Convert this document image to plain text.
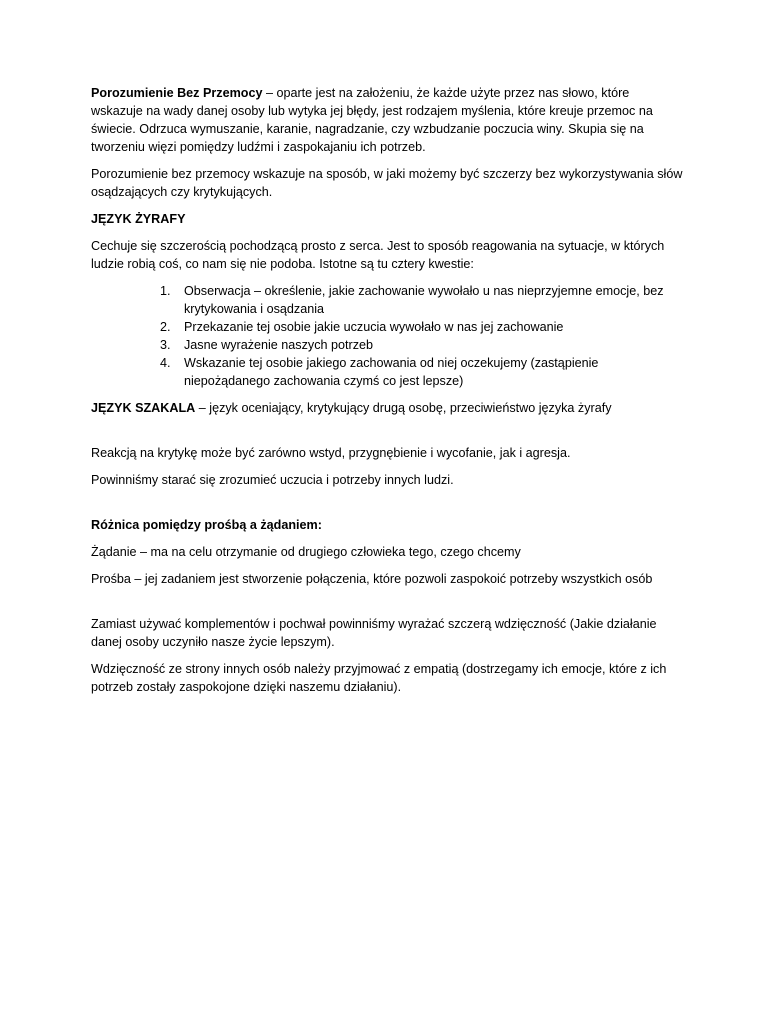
Porozumienie Bez Przemocy – oparte jest na założeniu, że każde użyte przez nas słowo, które wskazuje na wady danej osoby lub wytyka jej błędy, jest rodzajem myślenia, które kreuje przemoc na świecie. Odrzuca wymuszanie, karanie, nagradzanie, czy wzbudzanie poczucia winy. Skupia się na tworzeniu więzi pomiędzy ludźmi i zaspokajaniu ich potrzeb.

Porozumienie bez przemocy wskazuje na sposób, w jaki możemy być szczerzy bez wykorzystywania słów osądzających czy krytykujących.

JĘZYK ŻYRAFY

Cechuje się szczerością pochodzącą prosto z serca. Jest to sposób reagowania na sytuacje, w których ludzie robią coś, co nam się nie podoba. Istotne są tu cztery kwestie:

1. Obserwacja – określenie, jakie zachowanie wywołało u nas nieprzyjemne emocje, bez krytykowania i osądzania
2. Przekazanie tej osobie jakie uczucia wywołało w nas jej zachowanie
3. Jasne wyrażenie naszych potrzeb
4. Wskazanie tej osobie jakiego zachowania od niej oczekujemy (zastąpienie niepożądanego zachowania czymś co jest lepsze)

JĘZYK SZAKALA – język oceniający, krytykujący drugą osobę, przeciwieństwo języka żyrafy

Reakcją na krytykę może być zarówno wstyd, przygnębienie i wycofanie, jak i agresja.

Powinniśmy starać się zrozumieć uczucia i potrzeby innych ludzi.

Różnica pomiędzy prośbą a żądaniem:

Żądanie – ma na celu otrzymanie od drugiego człowieka tego, czego chcemy

Prośba – jej zadaniem jest stworzenie połączenia, które pozwoli zaspokoić potrzeby wszystkich osób

Zamiast używać komplementów i pochwał powinniśmy wyrażać szczerą wdzięczność (Jakie działanie danej osoby uczyniło nasze życie lepszym).

Wdzięczność ze strony innych osób należy przyjmować z empatią (dostrzegamy ich emocje, które z ich potrzeb zostały zaspokojone dzięki naszemu działaniu).
